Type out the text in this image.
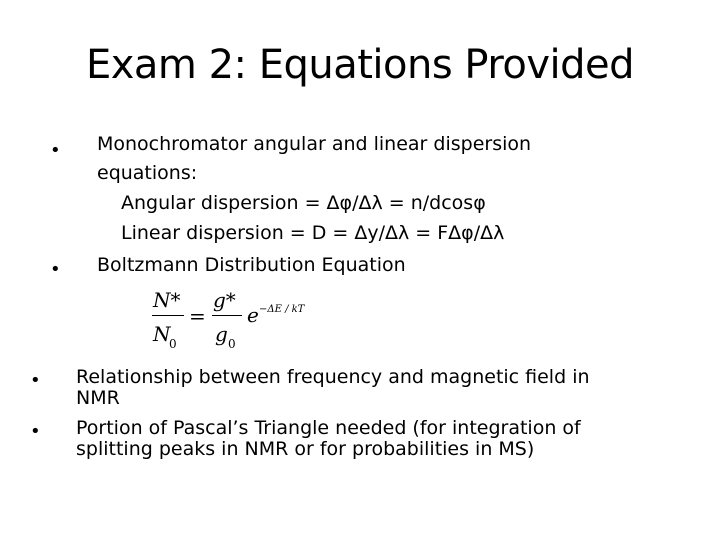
Exam 2: Equations Provided
• Monochromator angular and linear dispersion
equations:
Angular dispersion = Δφ/Δλ = n/dcosφ
Linear dispersion = D = Δy/Δλ = FΔφ/Δλ
• Boltzmann Distribution Equation
N*
N
0
=
g*
g 0
e −ΔE / kT
• Relationship between frequency and magnetic field in
NMR
• Portion of Pascal’s Triangle needed (for integration of
splitting peaks in NMR or for probabilities in MS)
